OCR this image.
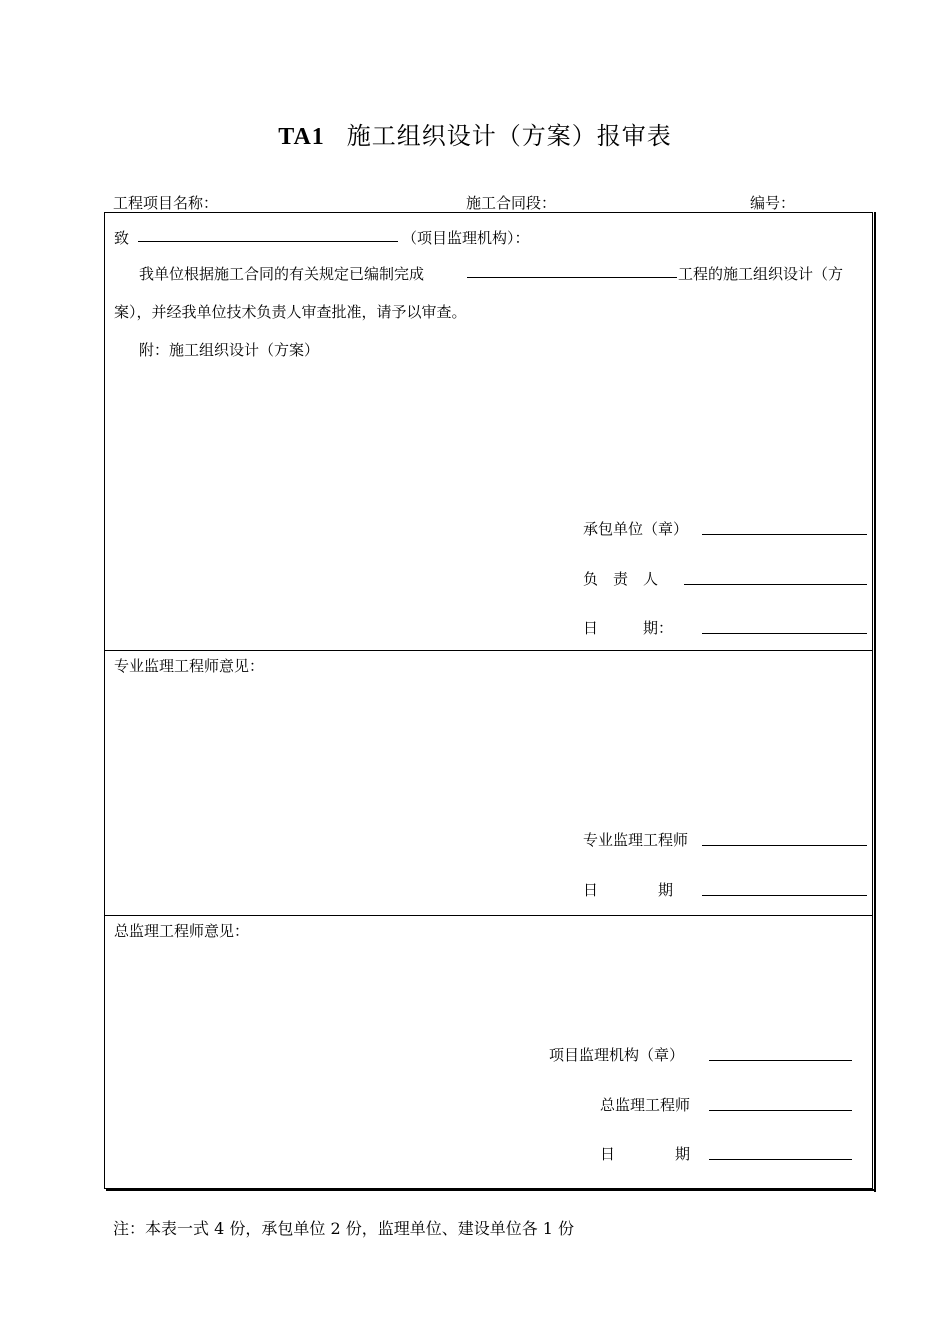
TA1 施工组织设计（方案）报审表
工程项目名称：	施工合同段：	编号：
致	（项目监理机构）：
我单位根据施工合同的有关规定已编制完成	工程的施工组织设计（方
案），并经我单位技术负责人审查批准，请予以审查。
附：施工组织设计（方案）
承包单位（章）
负　责　人
日　　　期：
专业监理工程师意见：
专业监理工程师
日　　　　期
总监理工程师意见：
项目监理机构（章）
总监理工程师
日　　　　期
注：本表一式 4 份，承包单位 2 份，监理单位、建设单位各 1 份
